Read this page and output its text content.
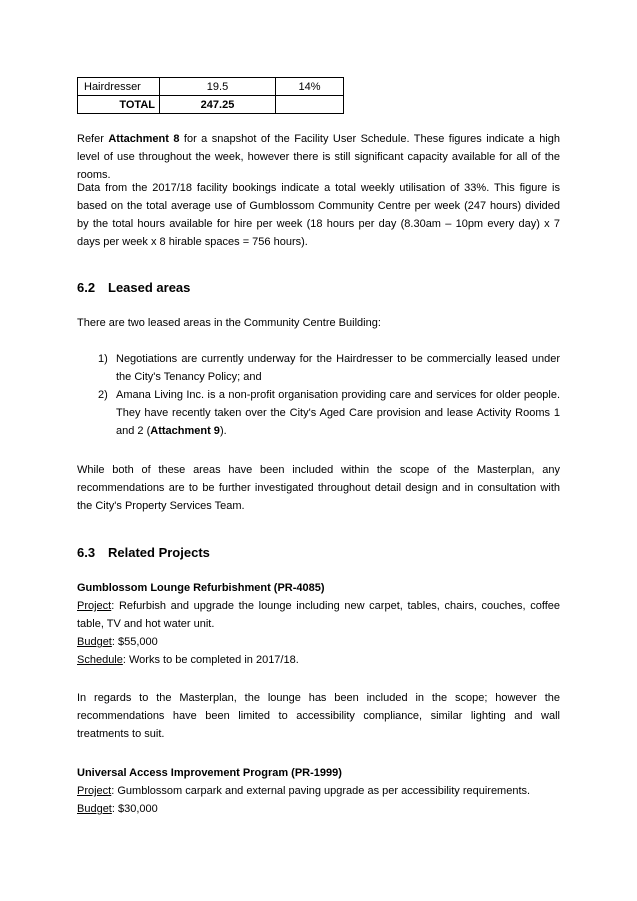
Hairdresser	19.5	14%
TOTAL	247.25	

Refer Attachment 8 for a snapshot of the Facility User Schedule. These figures indicate a high level of use throughout the week, however there is still significant capacity available for all of the rooms.

Data from the 2017/18 facility bookings indicate a total weekly utilisation of 33%. This figure is based on the total average use of Gumblossom Community Centre per week (247 hours) divided by the total hours available for hire per week (18 hours per day (8.30am – 10pm every day) x 7 days per week x 8 hirable spaces = 756 hours).

6.2 Leased areas

There are two leased areas in the Community Centre Building:

1) Negotiations are currently underway for the Hairdresser to be commercially leased under the City's Tenancy Policy; and
2) Amana Living Inc. is a non-profit organisation providing care and services for older people. They have recently taken over the City's Aged Care provision and lease Activity Rooms 1 and 2 (Attachment 9).

While both of these areas have been included within the scope of the Masterplan, any recommendations are to be further investigated throughout detail design and in consultation with the City's Property Services Team.

6.3 Related Projects

Gumblossom Lounge Refurbishment (PR-4085)

Project: Refurbish and upgrade the lounge including new carpet, tables, chairs, couches, coffee table, TV and hot water unit.

Budget: $55,000

Schedule: Works to be completed in 2017/18.

In regards to the Masterplan, the lounge has been included in the scope; however the recommendations have been limited to accessibility compliance, similar lighting and wall treatments to suit.

Universal Access Improvement Program (PR-1999)

Project: Gumblossom carpark and external paving upgrade as per accessibility requirements.

Budget: $30,000
